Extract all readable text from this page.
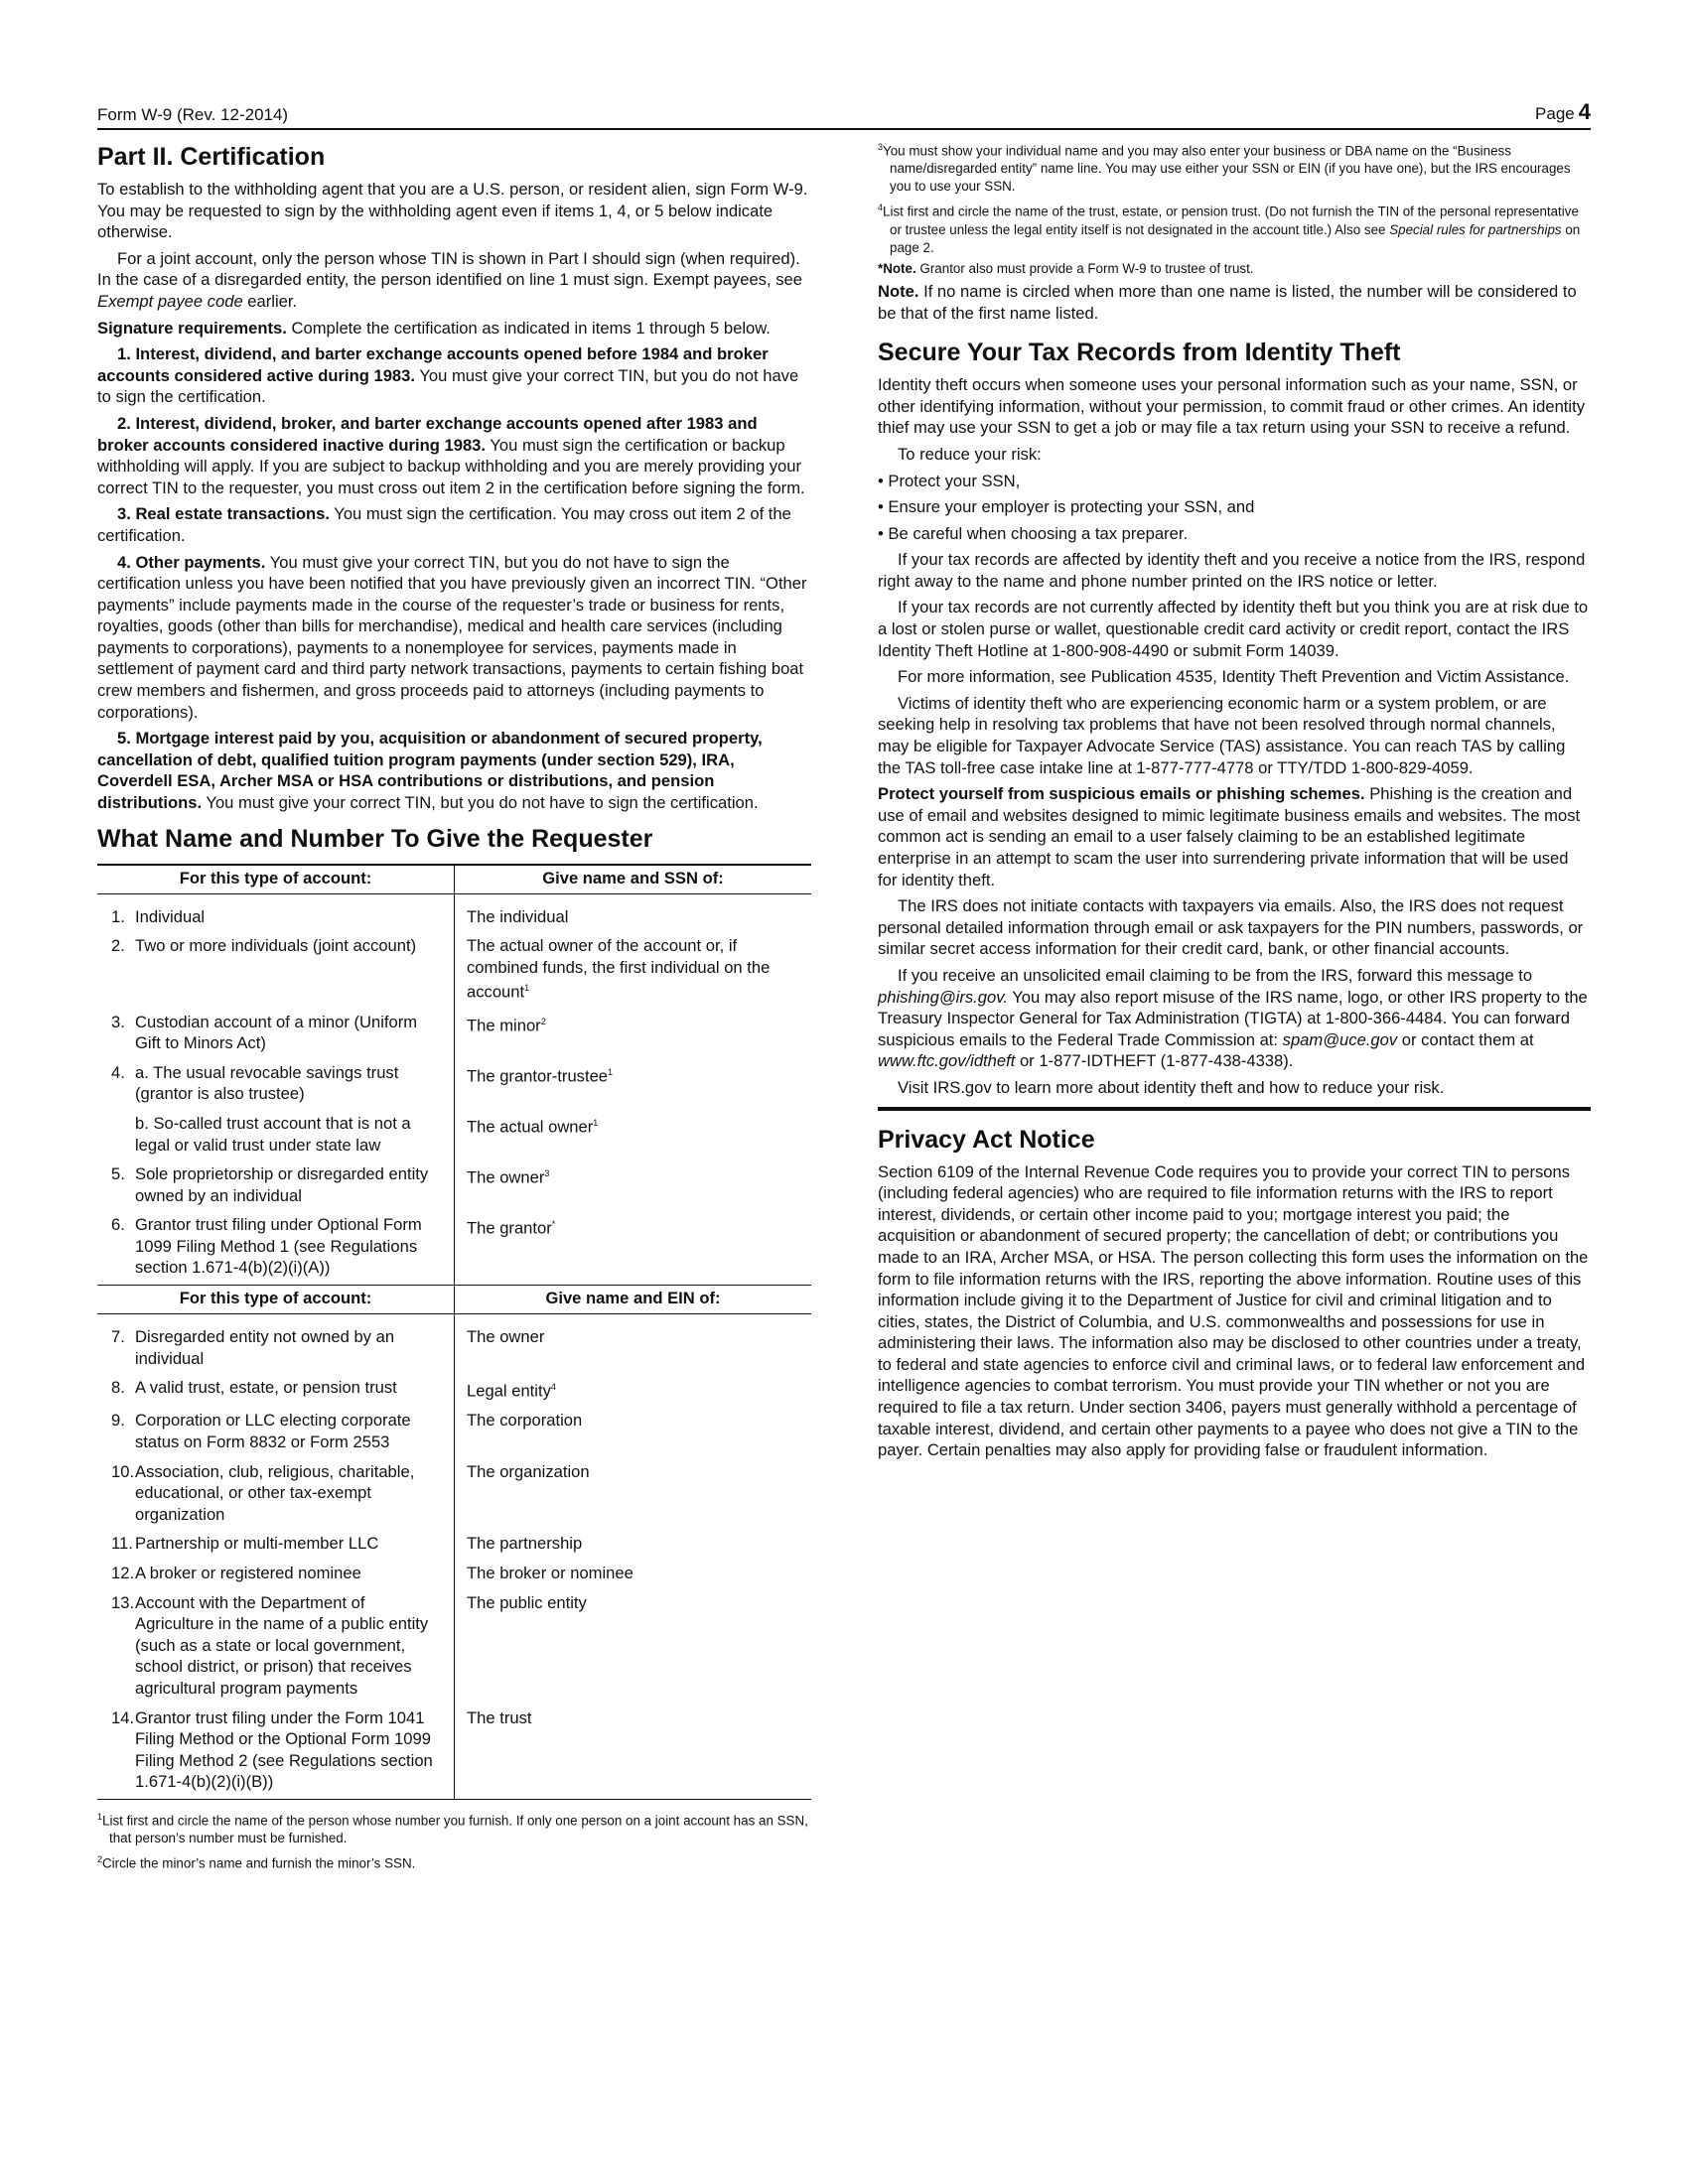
Form W-9 (Rev. 12-2014)	Page 4
Part II. Certification

To establish to the withholding agent that you are a U.S. person, or resident alien, sign Form W-9. You may be requested to sign by the withholding agent even if items 1, 4, or 5 below indicate otherwise.

For a joint account, only the person whose TIN is shown in Part I should sign (when required). In the case of a disregarded entity, the person identified on line 1 must sign. Exempt payees, see Exempt payee code earlier.

Signature requirements. Complete the certification as indicated in items 1 through 5 below.

1. Interest, dividend, and barter exchange accounts opened before 1984 and broker accounts considered active during 1983. You must give your correct TIN, but you do not have to sign the certification.

2. Interest, dividend, broker, and barter exchange accounts opened after 1983 and broker accounts considered inactive during 1983. You must sign the certification or backup withholding will apply. If you are subject to backup withholding and you are merely providing your correct TIN to the requester, you must cross out item 2 in the certification before signing the form.

3. Real estate transactions. You must sign the certification. You may cross out item 2 of the certification.

4. Other payments. You must give your correct TIN, but you do not have to sign the certification unless you have been notified that you have previously given an incorrect TIN. “Other payments” include payments made in the course of the requester’s trade or business for rents, royalties, goods (other than bills for merchandise), medical and health care services (including payments to corporations), payments to a nonemployee for services, payments made in settlement of payment card and third party network transactions, payments to certain fishing boat crew members and fishermen, and gross proceeds paid to attorneys (including payments to corporations).

5. Mortgage interest paid by you, acquisition or abandonment of secured property, cancellation of debt, qualified tuition program payments (under section 529), IRA, Coverdell ESA, Archer MSA or HSA contributions or distributions, and pension distributions. You must give your correct TIN, but you do not have to sign the certification.

What Name and Number To Give the Requester
For this type of account:	Give name and SSN of:

1. Individual	The individual

2. Two or more individuals (joint account)	The actual owner of the account or, if combined funds, the first individual on the account$^1$

3. Custodian account of a minor (Uniform Gift to Minors Act)	The minor$^2$

4. a. The usual revocable savings trust (grantor is also trustee)	The grantor-trustee$^1$

b. So-called trust account that is not a legal or valid trust under state law	The actual owner$^1$

5. Sole proprietorship or disregarded entity owned by an individual	The owner$^3$

6. Grantor trust filing under Optional Form 1099 Filing Method 1 (see Regulations section 1.671-4(b)(2)(i)(A))	The grantor*
For this type of account:	Give name and EIN of:

7. Disregarded entity not owned by an individual	The owner

8. A valid trust, estate, or pension trust	Legal entity$^4$

9. Corporation or LLC electing corporate status on Form 8832 or Form 2553	The corporation

10. Association, club, religious, charitable, educational, or other tax-exempt organization	The organization

11. Partnership or multi-member LLC	The partnership

12. A broker or registered nominee	The broker or nominee

13. Account with the Department of Agriculture in the name of a public entity (such as a state or local government, school district, or prison) that receives agricultural program payments	The public entity

14. Grantor trust filing under the Form 1041 Filing Method or the Optional Form 1099 Filing Method 2 (see Regulations section 1.671-4(b)(2)(i)(B))	The trust

$^1$List first and circle the name of the person whose number you furnish. If only one person on a joint account has an SSN, that person’s number must be furnished.

$^2$Circle the minor’s name and furnish the minor’s SSN.

$^3$You must show your individual name and you may also enter your business or DBA name on the “Business name/disregarded entity” name line. You may use either your SSN or EIN (if you have one), but the IRS encourages you to use your SSN.

$^4$List first and circle the name of the trust, estate, or pension trust. (Do not furnish the TIN of the personal representative or trustee unless the legal entity itself is not designated in the account title.) Also see Special rules for partnerships on page 2.

*Note. Grantor also must provide a Form W-9 to trustee of trust.

Note. If no name is circled when more than one name is listed, the number will be considered to be that of the first name listed.

Secure Your Tax Records from Identity Theft

Identity theft occurs when someone uses your personal information such as your name, SSN, or other identifying information, without your permission, to commit fraud or other crimes. An identity thief may use your SSN to get a job or may file a tax return using your SSN to receive a refund.

To reduce your risk:

• Protect your SSN,
• Ensure your employer is protecting your SSN, and
• Be careful when choosing a tax preparer.

If your tax records are affected by identity theft and you receive a notice from the IRS, respond right away to the name and phone number printed on the IRS notice or letter.

If your tax records are not currently affected by identity theft but you think you are at risk due to a lost or stolen purse or wallet, questionable credit card activity or credit report, contact the IRS Identity Theft Hotline at 1-800-908-4490 or submit Form 14039.

For more information, see Publication 4535, Identity Theft Prevention and Victim Assistance.

Victims of identity theft who are experiencing economic harm or a system problem, or are seeking help in resolving tax problems that have not been resolved through normal channels, may be eligible for Taxpayer Advocate Service (TAS) assistance. You can reach TAS by calling the TAS toll-free case intake line at 1-877-777-4778 or TTY/TDD 1-800-829-4059.

Protect yourself from suspicious emails or phishing schemes. Phishing is the creation and use of email and websites designed to mimic legitimate business emails and websites. The most common act is sending an email to a user falsely claiming to be an established legitimate enterprise in an attempt to scam the user into surrendering private information that will be used for identity theft.

The IRS does not initiate contacts with taxpayers via emails. Also, the IRS does not request personal detailed information through email or ask taxpayers for the PIN numbers, passwords, or similar secret access information for their credit card, bank, or other financial accounts.

If you receive an unsolicited email claiming to be from the IRS, forward this message to phishing@irs.gov. You may also report misuse of the IRS name, logo, or other IRS property to the Treasury Inspector General for Tax Administration (TIGTA) at 1-800-366-4484. You can forward suspicious emails to the Federal Trade Commission at: spam@uce.gov or contact them at www.ftc.gov/idtheft or 1-877-IDTHEFT (1-877-438-4338).

Visit IRS.gov to learn more about identity theft and how to reduce your risk.

Privacy Act Notice

Section 6109 of the Internal Revenue Code requires you to provide your correct TIN to persons (including federal agencies) who are required to file information returns with the IRS to report interest, dividends, or certain other income paid to you; mortgage interest you paid; the acquisition or abandonment of secured property; the cancellation of debt; or contributions you made to an IRA, Archer MSA, or HSA. The person collecting this form uses the information on the form to file information returns with the IRS, reporting the above information. Routine uses of this information include giving it to the Department of Justice for civil and criminal litigation and to cities, states, the District of Columbia, and U.S. commonwealths and possessions for use in administering their laws. The information also may be disclosed to other countries under a treaty, to federal and state agencies to enforce civil and criminal laws, or to federal law enforcement and intelligence agencies to combat terrorism. You must provide your TIN whether or not you are required to file a tax return. Under section 3406, payers must generally withhold a percentage of taxable interest, dividend, and certain other payments to a payee who does not give a TIN to the payer. Certain penalties may also apply for providing false or fraudulent information.
